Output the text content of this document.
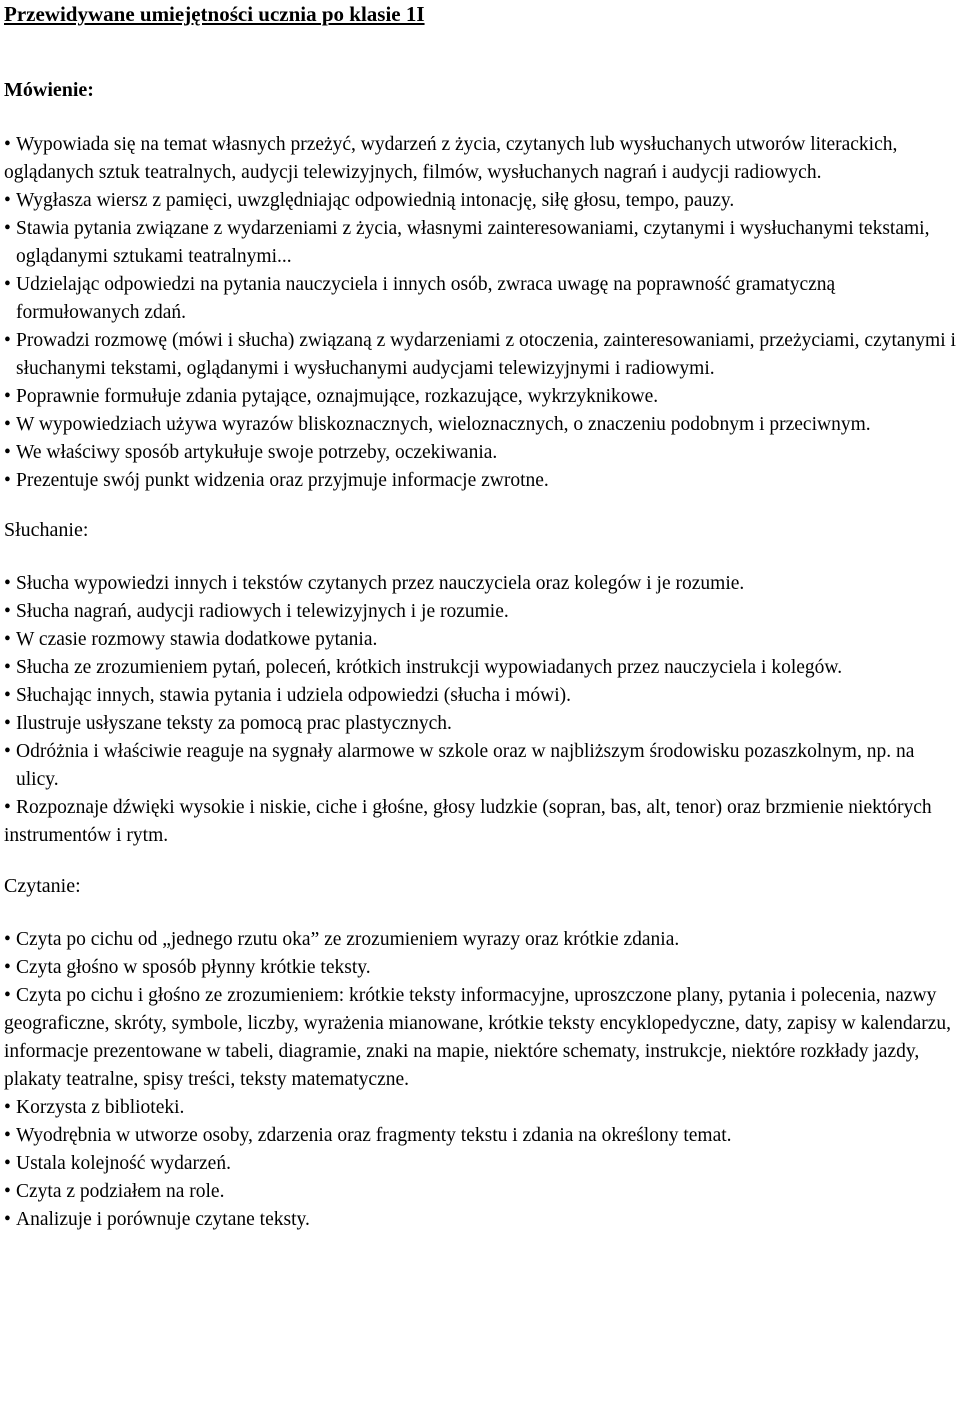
Przewidywane umiejętności ucznia po klasie 1I
Mówienie:
• Wypowiada się na temat własnych przeżyć, wydarzeń z życia, czytanych lub wysłuchanych utworów literackich, oglądanych sztuk teatralnych, audycji telewizyjnych, filmów, wysłuchanych nagrań i audycji radiowych.
• Wygłasza wiersz z pamięci, uwzględniając odpowiednią intonację, siłę głosu, tempo, pauzy.
• Stawia pytania związane z wydarzeniami z życia, własnymi zainteresowaniami, czytanymi i wysłuchanymi tekstami, oglądanymi sztukami teatralnymi...
• Udzielając odpowiedzi na pytania nauczyciela i innych osób, zwraca uwagę na poprawność gramatyczną formułowanych zdań.
• Prowadzi rozmowę (mówi i słucha) związaną z wydarzeniami z otoczenia, zainteresowaniami, przeżyciami, czytanymi i słuchanymi tekstami, oglądanymi i wysłuchanymi audycjami telewizyjnymi i radiowymi.
• Poprawnie formułuje zdania pytające, oznajmujące, rozkazujące, wykrzyknikowe.
• W wypowiedziach używa wyrazów bliskoznacznych, wieloznacznych, o znaczeniu podobnym i przeciwnym.
• We właściwy sposób artykułuje swoje potrzeby, oczekiwania.
• Prezentuje swój punkt widzenia oraz przyjmuje informacje zwrotne.
Słuchanie:
• Słucha wypowiedzi innych i tekstów czytanych przez nauczyciela oraz kolegów i je rozumie.
• Słucha nagrań, audycji radiowych i telewizyjnych i je rozumie.
• W czasie rozmowy stawia dodatkowe pytania.
• Słucha ze zrozumieniem pytań, poleceń, krótkich instrukcji wypowiadanych przez nauczyciela i kolegów.
• Słuchając innych, stawia pytania i udziela odpowiedzi (słucha i mówi).
• Ilustruje usłyszane teksty za pomocą prac plastycznych.
• Odróżnia i właściwie reaguje na sygnały alarmowe w szkole oraz w najbliższym środowisku pozaszkolnym, np. na ulicy.
• Rozpoznaje dźwięki wysokie i niskie, ciche i głośne, głosy ludzkie (sopran, bas, alt, tenor) oraz brzmienie niektórych instrumentów i rytm.
Czytanie:
• Czyta po cichu od „jednego rzutu oka” ze zrozumieniem wyrazy oraz krótkie zdania.
• Czyta głośno w sposób płynny krótkie teksty.
• Czyta po cichu i głośno ze zrozumieniem: krótkie teksty informacyjne, uproszczone plany, pytania i polecenia, nazwy geograficzne, skróty, symbole, liczby, wyrażenia mianowane, krótkie teksty encyklopedyczne, daty, zapisy w kalendarzu, informacje prezentowane w tabeli, diagramie, znaki na mapie, niektóre schematy, instrukcje, niektóre rozkłady jazdy, plakaty teatralne, spisy treści, teksty matematyczne.
• Korzysta z biblioteki.
• Wyodrębnia w utworze osoby, zdarzenia oraz fragmenty tekstu i zdania na określony temat.
• Ustala kolejność wydarzeń.
• Czyta z podziałem na role.
• Analizuje i porównuje czytane teksty.
